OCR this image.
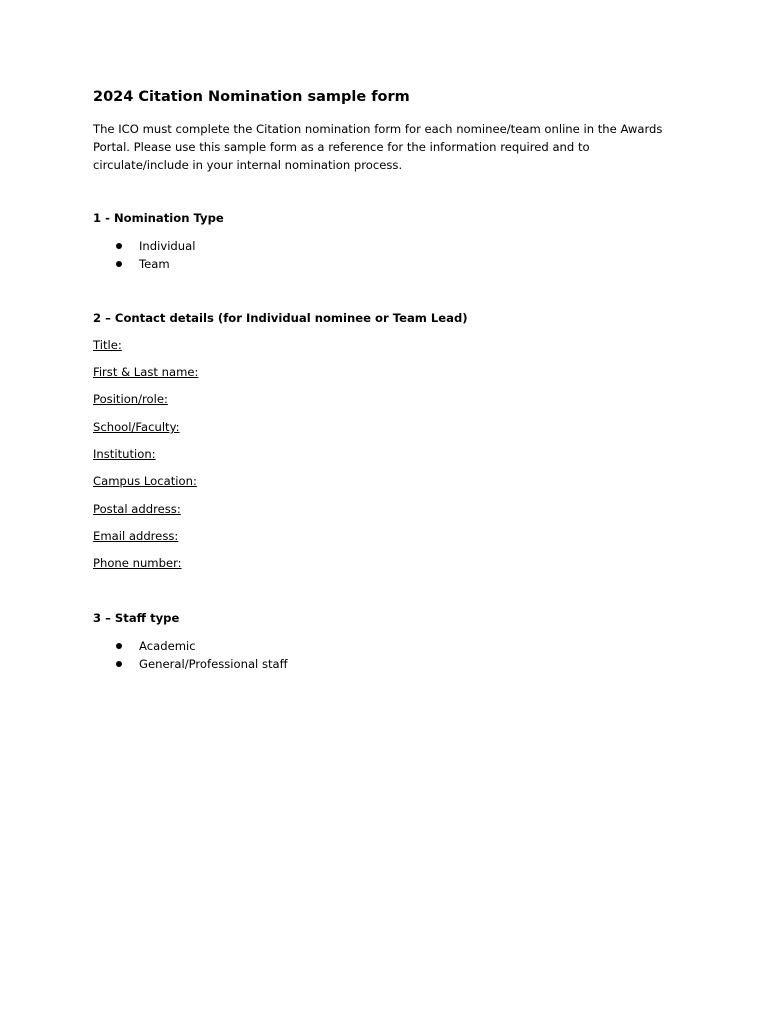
2024 Citation Nomination sample form

The ICO must complete the Citation nomination form for each nominee/team online in the Awards
Portal. Please use this sample form as a reference for the information required and to
circulate/include in your internal nomination process.

1 - Nomination Type
Individual
Team
2 – Contact details (for Individual nominee or Team Lead)

Title:

First & Last name:

Position/role:

School/Faculty:

Institution:

Campus Location:

Postal address:

Email address:

Phone number:

3 – Staff type
Academic
General/Professional staff
